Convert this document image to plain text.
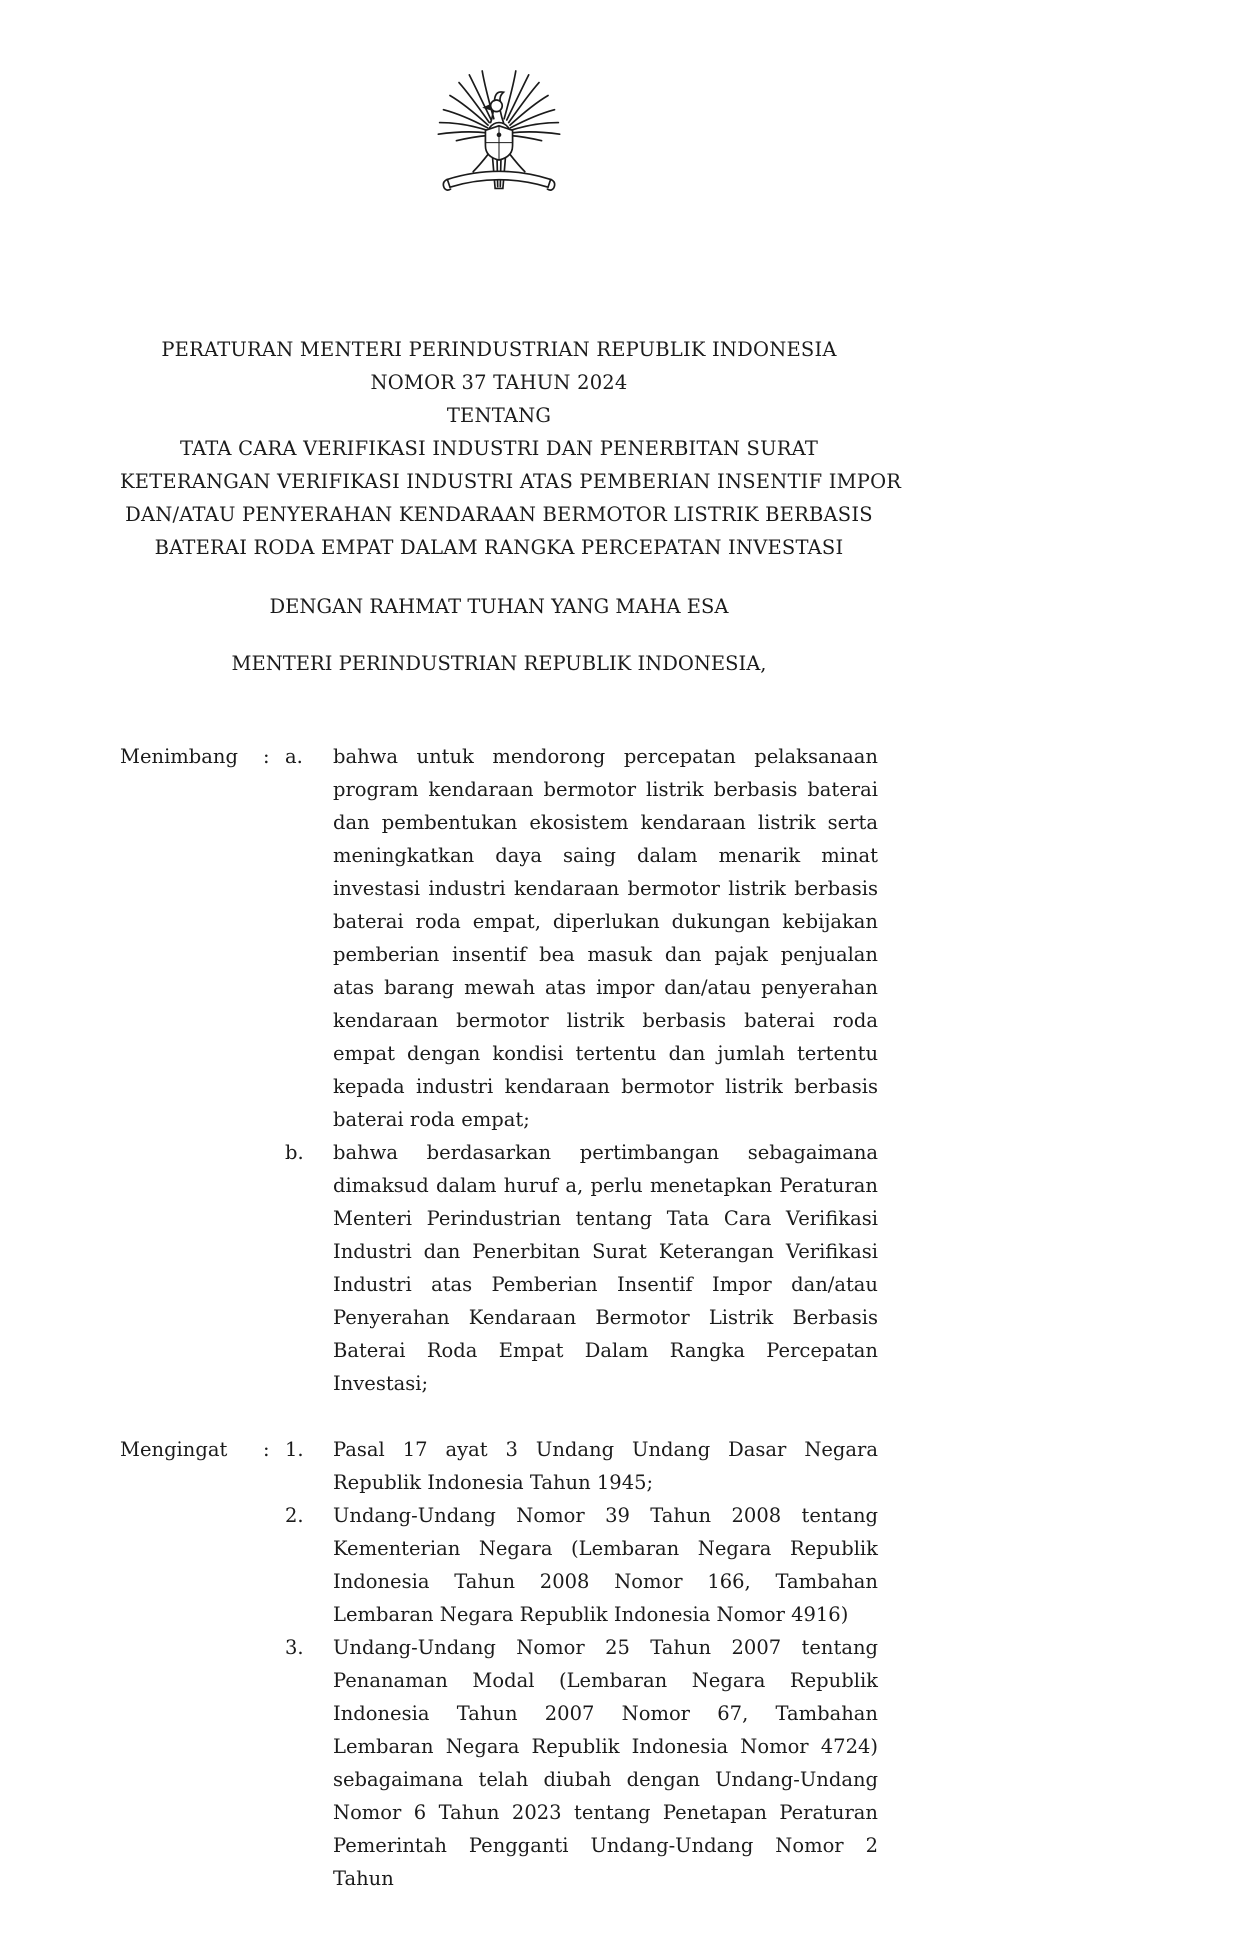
PERATURAN MENTERI PERINDUSTRIAN REPUBLIK INDONESIA
NOMOR 37 TAHUN 2024
TENTANG
TATA CARA VERIFIKASI INDUSTRI DAN PENERBITAN SURAT
KETERANGAN VERIFIKASI INDUSTRI ATAS PEMBERIAN INSENTIF IMPOR
DAN/ATAU PENYERAHAN KENDARAAN BERMOTOR LISTRIK BERBASIS
BATERAI RODA EMPAT DALAM RANGKA PERCEPATAN INVESTASI
DENGAN RAHMAT TUHAN YANG MAHA ESA
MENTERI PERINDUSTRIAN REPUBLIK INDONESIA,
Menimbang	: a.	bahwa untuk mendorong percepatan pelaksanaan program kendaraan bermotor listrik berbasis baterai dan pembentukan ekosistem kendaraan listrik serta meningkatkan daya saing dalam menarik minat investasi industri kendaraan bermotor listrik berbasis baterai roda empat, diperlukan dukungan kebijakan pemberian insentif bea masuk dan pajak penjualan atas barang mewah atas impor dan/atau penyerahan kendaraan bermotor listrik berbasis baterai roda empat dengan kondisi tertentu dan jumlah tertentu kepada industri kendaraan bermotor listrik berbasis baterai roda empat;
b.	bahwa berdasarkan pertimbangan sebagaimana dimaksud dalam huruf a, perlu menetapkan Peraturan Menteri Perindustrian tentang Tata Cara Verifikasi Industri dan Penerbitan Surat Keterangan Verifikasi Industri atas Pemberian Insentif Impor dan/atau Penyerahan Kendaraan Bermotor Listrik Berbasis Baterai Roda Empat Dalam Rangka Percepatan Investasi;
Mengingat	: 1.	Pasal 17 ayat 3 Undang Undang Dasar Negara Republik Indonesia Tahun 1945;
2.	Undang-Undang Nomor 39 Tahun 2008 tentang Kementerian Negara (Lembaran Negara Republik Indonesia Tahun 2008 Nomor 166, Tambahan Lembaran Negara Republik Indonesia Nomor 4916)
3.	Undang-Undang Nomor 25 Tahun 2007 tentang Penanaman Modal (Lembaran Negara Republik Indonesia Tahun 2007 Nomor 67, Tambahan Lembaran Negara Republik Indonesia Nomor 4724) sebagaimana telah diubah dengan Undang-Undang Nomor 6 Tahun 2023 tentang Penetapan Peraturan Pemerintah Pengganti Undang-Undang Nomor 2 Tahun
